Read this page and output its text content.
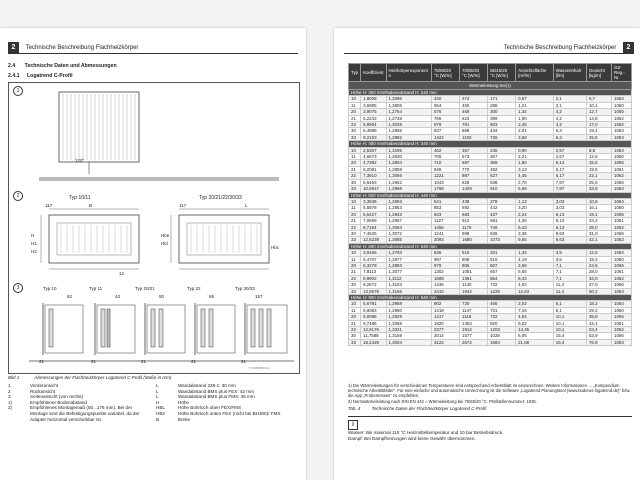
2 Technische Beschreibung Flachheizkörper
2.4 Technische Daten und Abmessungen
2.4.1 Logatrend C-Profil
1
120°
2	Typ 10/11	Typ 20/21/22/30/33
117	B	L
117
H
H1
H2
Hbe
Hbl
Hbc
12
3	Typ 10	Typ 11	Typ 20/21	Typ 22	Typ 30/33
62	43	50	65	157
21	21	21	21	21
6720806609-01
Bild 1	Abmessungen der Flachheizkörper Logatrend C-Profil (Maße in mm)
1	Vorderansicht
2	Rückansicht
3	Seitenansicht (von rechts)
1)	Empfohlener Bodenabstand
2)	Empfohlenes Montagemaß (50...175 mm). Bei der Montage sind die Befestigungspunkte variabel, da der Adapter horizontal verschiebbar ist.
L	Wandabstand 338-1: 30 mm
L	Wandabstand BMS plus FEX: 43 mm
L	Wandabstand BMS plus FMS: 35 mm
H	Höhe
HBL	Höhe Bohrloch oben FEX/FMS
HB2	Höhe Bohrloch unten FEX (nicht bei BH300)/ FMS
B	Breite
Technische Beschreibung Flachheizkörper 2
Typ	Koeffizient	Heizkörperexponent n	75/65/20 °C [W/m]	70/55/20 °C [W/m]	55/45/20 °C [W/m]	Ansichtsfläche [m²/m]	Wasserinhalt [l/m]	Gewicht [kg/m]	GZ-Reg.-Nr.
Wärmeleistung bei(1)									
Höhe H: 300 mm/Nabenabstand H: 240 mm									
10	1,8008	1,3396	340	274	171	0,67	2,1	6,7	1064
11	3,6985	1,2806	554	450	288	1,21	2,1	10,1	1060
20	3,9075	1,2764	576	469	300	1,34	4,2	12,7	1065
21	5,2243	1,2748	765	623	399	1,90	4,2	14,8	1062
22	5,9904	1,3028	979	791	503	2,45	4,2	17,0	1062
30	5,4888	1,2855	837	668	434	2,01	6,3	19,1	1063
33	9,2103	1,2882	1422	1153	736	3,68	6,3	25,5	1063
Höhe H: 400 mm/Nabenabstand H: 340 mm									
10	2,5307	1,3195	462	367	235	0,90	2,57	8,8	1064
11	4,6673	1,2930	706	573	367	2,21	2,57	12,8	1060
20	4,7382	1,2804	710	587	369	1,80	5,14	15,5	1065
21	6,2081	1,2859	949	770	492	3,13	5,17	19,5	1061
22	7,3910	1,3056	1221	987	627	4,45	5,17	22,1	1062
30	6,5463	1,2962	1043	828	538	2,70	7,87	25,6	1066
33	10,9917	1,2968	1768	1429	910	6,68	7,87	33,9	1063
Höhe H: 500 mm/Nabenabstand H: 440 mm									
10	3,3536	1,2993	541	438	278	1,12	3,03	10,8	1064
11	5,5878	1,2853	853	692	442	3,20	3,03	16,1	1060
20	5,5427	1,2843	843	683	437	2,24	6,13	19,1	1065
21	7,0669	1,2967	1127	912	581	4,36	6,13	23,2	1061
22	8,7164	1,3064	1456	1176	746	6,43	6,13	28,0	1062
30	7,4625	1,3072	1241	998	636	3,36	9,63	31,0	1066
33	12,5239	1,3085	2093	1680	1073	9,65	9,63	43,1	1063
Höhe H: 600 mm/Nabenabstand H: 540 mm									
10	3,9465	1,2793	636	516	331	1,34	3,5	12,5	1064
11	6,4707	1,2877	997	808	516	4,19	3,5	19,2	1060
20	6,3278	1,2883	979	806	507	2,68	7,1	24,5	1065
21	7,8113	1,3077	1302	1051	667	5,55	7,1	28,0	1061
22	9,9902	1,3112	1689	1361	864	8,42	7,1	34,0	1062
30	8,2672	1,3183	1436	1140	732	4,02	11,4	37,0	1066
33	13,8579	1,3166	2410	1942	1229	12,63	11,4	50,2	1063
Höhe H: 900 mm/Nabenabstand H: 840 mm									
10	5,6781	1,2958	902	730	466	2,02	5,1	18,2	1064
11	8,8083	1,2980	1418	1147	731	7,16	5,1	29,2	1060
20	9,0086	1,2929	1417	1116	732	4,04	10,1	35,9	1065
21	9,7486	1,3368	1820	1453	920	9,22	10,1	42,4	1061
22	12,9176	1,3321	2377	1912	1203	14,45	10,1	53,4	1062
30	11,7588	1,3159	2014	1577	1028	6,06	15,4	53,9	1066
33	18,2428	1,3004	3122	2672	1684	21,68	15,4	76,8	1063
1) Die Wärmeleistungen für verschiedenen Temperaturen sind entsprechend Arbeitsblatt im einzurechnen. Weitere Informationen → „Kompendium technische Arbeitsblätter“. Für eine einfache und automatische Umrechnung ist die Software „Logatrend Planungstool (www.buderus-logatrend.de)“ bzw. die App „Probemessen“ zu empfehlen.
2) Normwärmeleistung nach DIN EN 442 = Wärmeleistung bei 75/65/20 °C. Prüfstellennummer: 1035.
Tab. 4	Technische Daten der Flachheizkörper Logatrend C-Profil
i
Wasser: Bis maximal 110 °C Heizmitteltemperatur und 10 bar Betriebsdruck.
Dampf: Bei Dampfheizungen wird keine Gewähr übernommen.
